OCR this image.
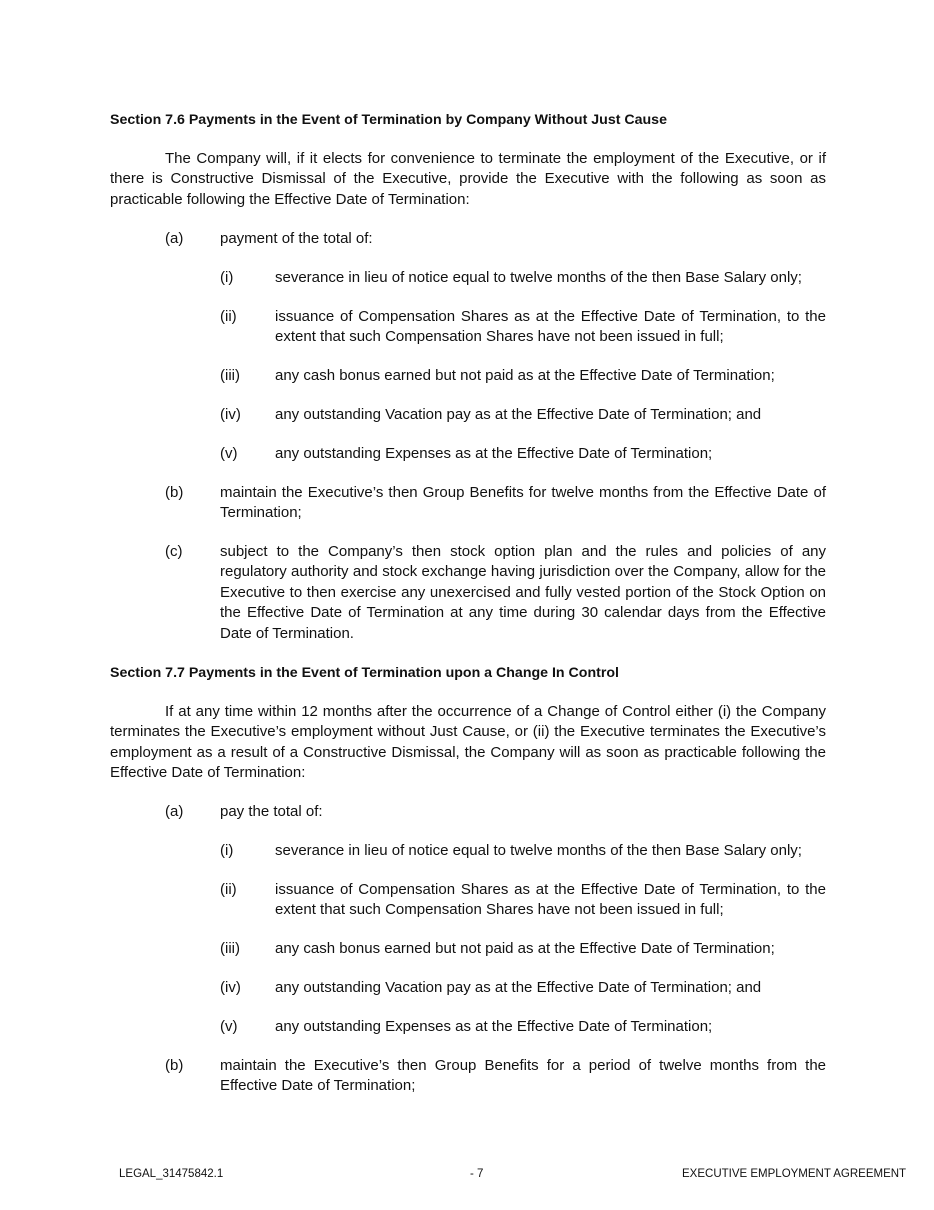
Section 7.6 Payments in the Event of Termination by Company Without Just Cause
The Company will, if it elects for convenience to terminate the employment of the Executive, or if there is Constructive Dismissal of the Executive, provide the Executive with the following as soon as practicable following the Effective Date of Termination:
(a)	payment of the total of:
(i)	severance in lieu of notice equal to twelve months of the then Base Salary only;
(ii)	issuance of Compensation Shares as at the Effective Date of Termination, to the extent that such Compensation Shares have not been issued in full;
(iii)	any cash bonus earned but not paid as at the Effective Date of Termination;
(iv)	any outstanding Vacation pay as at the Effective Date of Termination; and
(v)	any outstanding Expenses as at the Effective Date of Termination;
(b)	maintain the Executive’s then Group Benefits for twelve months from the Effective Date of Termination;
(c)	subject to the Company’s then stock option plan and the rules and policies of any regulatory authority and stock exchange having jurisdiction over the Company, allow for the Executive to then exercise any unexercised and fully vested portion of the Stock Option on the Effective Date of Termination at any time during 30 calendar days from the Effective Date of Termination.
Section 7.7 Payments in the Event of Termination upon a Change In Control
If at any time within 12 months after the occurrence of a Change of Control either (i) the Company terminates the Executive’s employment without Just Cause, or (ii) the Executive terminates the Executive’s employment as a result of a Constructive Dismissal, the Company will as soon as practicable following the Effective Date of Termination:
(a)	pay the total of:
(i)	severance in lieu of notice equal to twelve months of the then Base Salary only;
(ii)	issuance of Compensation Shares as at the Effective Date of Termination, to the extent that such Compensation Shares have not been issued in full;
(iii)	any cash bonus earned but not paid as at the Effective Date of Termination;
(iv)	any outstanding Vacation pay as at the Effective Date of Termination; and
(v)	any outstanding Expenses as at the Effective Date of Termination;
(b)	maintain the Executive’s then Group Benefits for a period of twelve months from the Effective Date of Termination;
LEGAL_31475842.1	- 7	EXECUTIVE EMPLOYMENT AGREEMENT
